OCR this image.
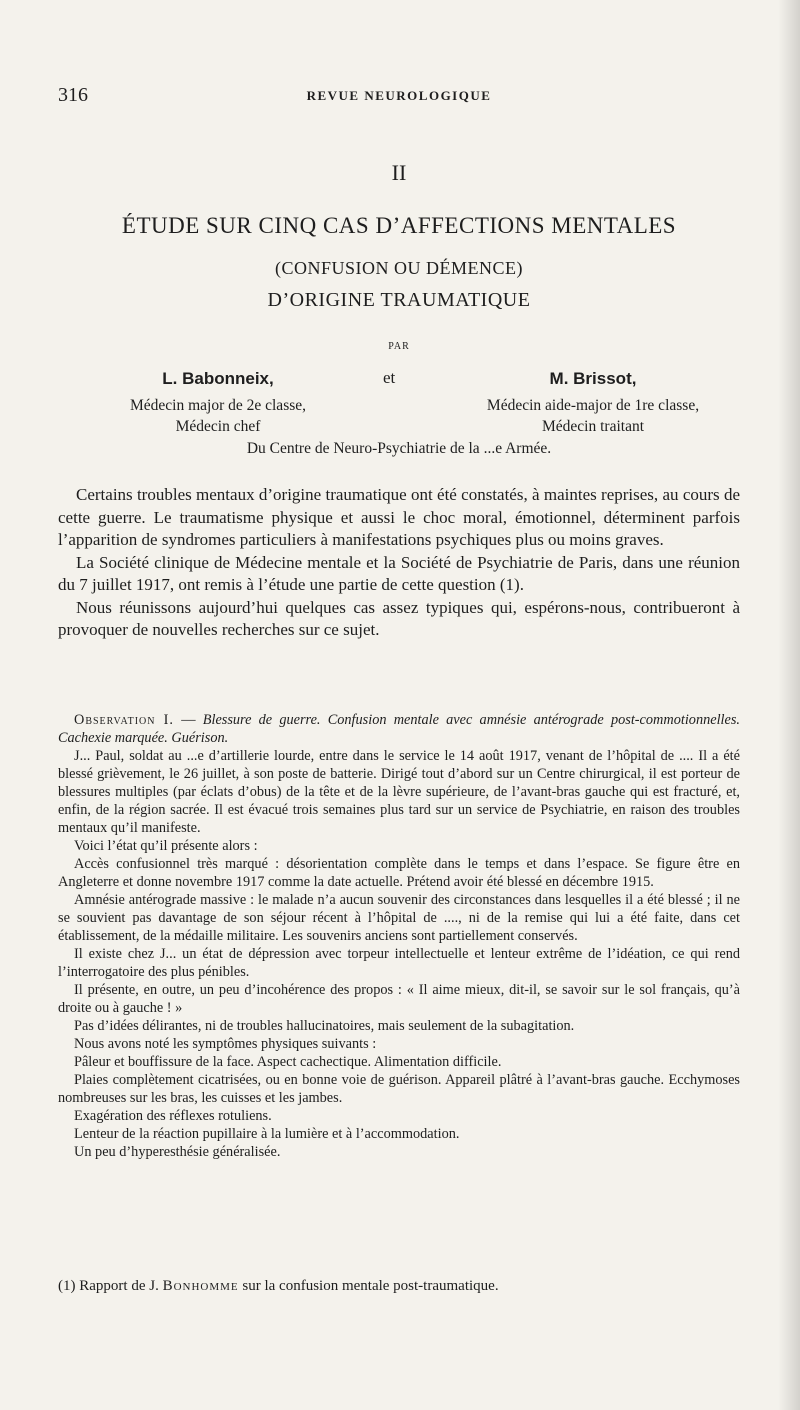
316	REVUE NEUROLOGIQUE
II
ÉTUDE SUR CINQ CAS D’AFFECTIONS MENTALES
(CONFUSION OU DÉMENCE)
D’ORIGINE TRAUMATIQUE
PAR
L. Babonneix,
Médecin major de 2e classe,
Médecin chef
et	M. Brissot,
Médecin aide-major de 1re classe,
Médecin traitant
Du Centre de Neuro-Psychiatrie de la ...e Armée.

Certains troubles mentaux d’origine traumatique ont été constatés, à maintes reprises, au cours de cette guerre. Le traumatisme physique et aussi le choc moral, émotionnel, déterminent parfois l’apparition de syndromes particuliers à manifestations psychiques plus ou moins graves.

La Société clinique de Médecine mentale et la Société de Psychiatrie de Paris, dans une réunion du 7 juillet 1917, ont remis à l’étude une partie de cette question (1).

Nous réunissons aujourd’hui quelques cas assez typiques qui, espérons-nous, contribueront à provoquer de nouvelles recherches sur ce sujet.

Observation I. — Blessure de guerre. Confusion mentale avec amnésie antérograde post-commotionnelles. Cachexie marquée. Guérison.

J... Paul, soldat au ...e d’artillerie lourde, entre dans le service le 14 août 1917, venant de l’hôpital de .... Il a été blessé grièvement, le 26 juillet, à son poste de batterie. Dirigé tout d’abord sur un Centre chirurgical, il est porteur de blessures multiples (par éclats d’obus) de la tête et de la lèvre supérieure, de l’avant-bras gauche qui est fracturé, et, enfin, de la région sacrée. Il est évacué trois semaines plus tard sur un service de Psychiatrie, en raison des troubles mentaux qu’il manifeste.

Voici l’état qu’il présente alors :

Accès confusionnel très marqué : désorientation complète dans le temps et dans l’espace. Se figure être en Angleterre et donne novembre 1917 comme la date actuelle. Prétend avoir été blessé en décembre 1915.

Amnésie antérograde massive : le malade n’a aucun souvenir des circonstances dans lesquelles il a été blessé ; il ne se souvient pas davantage de son séjour récent à l’hôpital de ...., ni de la remise qui lui a été faite, dans cet établissement, de la médaille militaire. Les souvenirs anciens sont partiellement conservés.

Il existe chez J... un état de dépression avec torpeur intellectuelle et lenteur extrême de l’idéation, ce qui rend l’interrogatoire des plus pénibles.

Il présente, en outre, un peu d’incohérence des propos : « Il aime mieux, dit-il, se savoir sur le sol français, qu’à droite ou à gauche ! »

Pas d’idées délirantes, ni de troubles hallucinatoires, mais seulement de la subagitation.

Nous avons noté les symptômes physiques suivants :

Pâleur et bouffissure de la face. Aspect cachectique. Alimentation difficile.

Plaies complètement cicatrisées, ou en bonne voie de guérison. Appareil plâtré à l’avant-bras gauche. Ecchymoses nombreuses sur les bras, les cuisses et les jambes.

Exagération des réflexes rotuliens.

Lenteur de la réaction pupillaire à la lumière et à l’accommodation.

Un peu d’hyperesthésie généralisée.

(1) Rapport de J. Bonhomme sur la confusion mentale post-traumatique.
